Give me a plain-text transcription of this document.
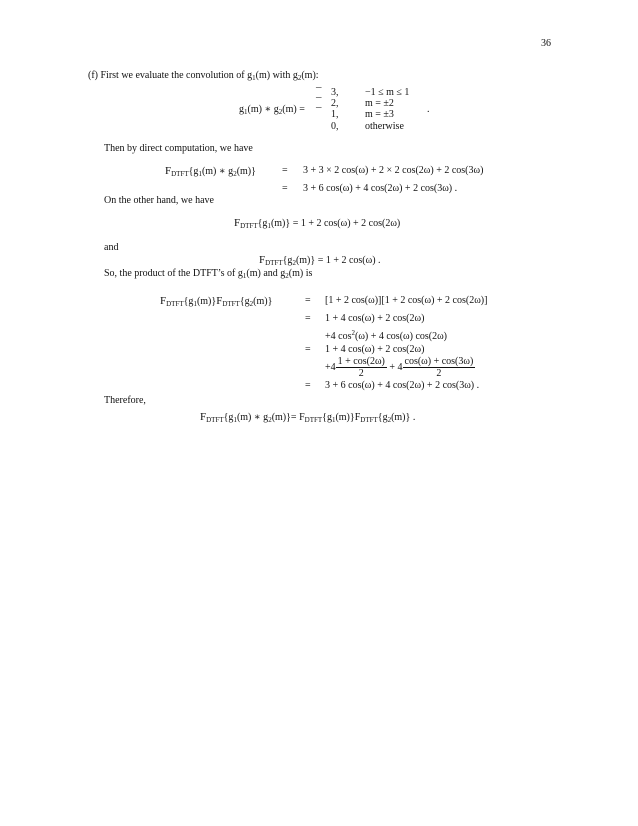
36
(f) First we evaluate the convolution of $g_1(m)$ with $g_2(m)$:
$g_1(m)$ ∗ $g_2(m)$ =
–
–
–
3,	−1 ≤ m ≤ 1
2,	m = ±2
1,	m = ±3
0,	otherwise
.
Then by direct computation, we have
$F_{DTFT}\{g_1(m)$ ∗ $g_2(m)$}	= 3 + 3 × 2 cos(ω) + 2 × 2 cos(2ω) + 2 cos(3ω)
= 3 + 6 cos(ω) + 4 cos(2ω) + 2 cos(3ω) .
On the other hand, we have
$F_{DTFT}\{g_1(m)\} = 1 + 2$ cos(ω) + 2 cos(2ω)
and
$F_{DTFT}\{g_2(m)\} = 1 + 2$ cos(ω) .
So, the product of the DTFT’s of $g_1(m)$ and $g_2(m)$ is
$F_{DTFT}\{g_1(m)\}F_{DTFT}\{g_2(m)\}$	= [1 + 2 cos(ω)][1 + 2 cos(ω) + 2 cos(2ω)]
= 1 + 4 cos(ω) + 2 cos(2ω)
+4 $\cos^2(\omega) + 4$ cos(ω) cos(2ω)
= 1 + 4 cos(ω) + 2 cos(2ω)
$+4 \frac{1 + \cos(2\omega)}{2} + 4 \frac{\cos(\omega) + \cos(3\omega)}{2}$
= 3 + 6 cos(ω) + 4 cos(2ω) + 2 cos(3ω) .
Therefore,
$F_{DTFT}\{g_1(m)$ ∗ $g_2(m)\}= F_{DTFT}\{g_1(m)\}F_{DTFT}\{g_2(m)\}$ .
